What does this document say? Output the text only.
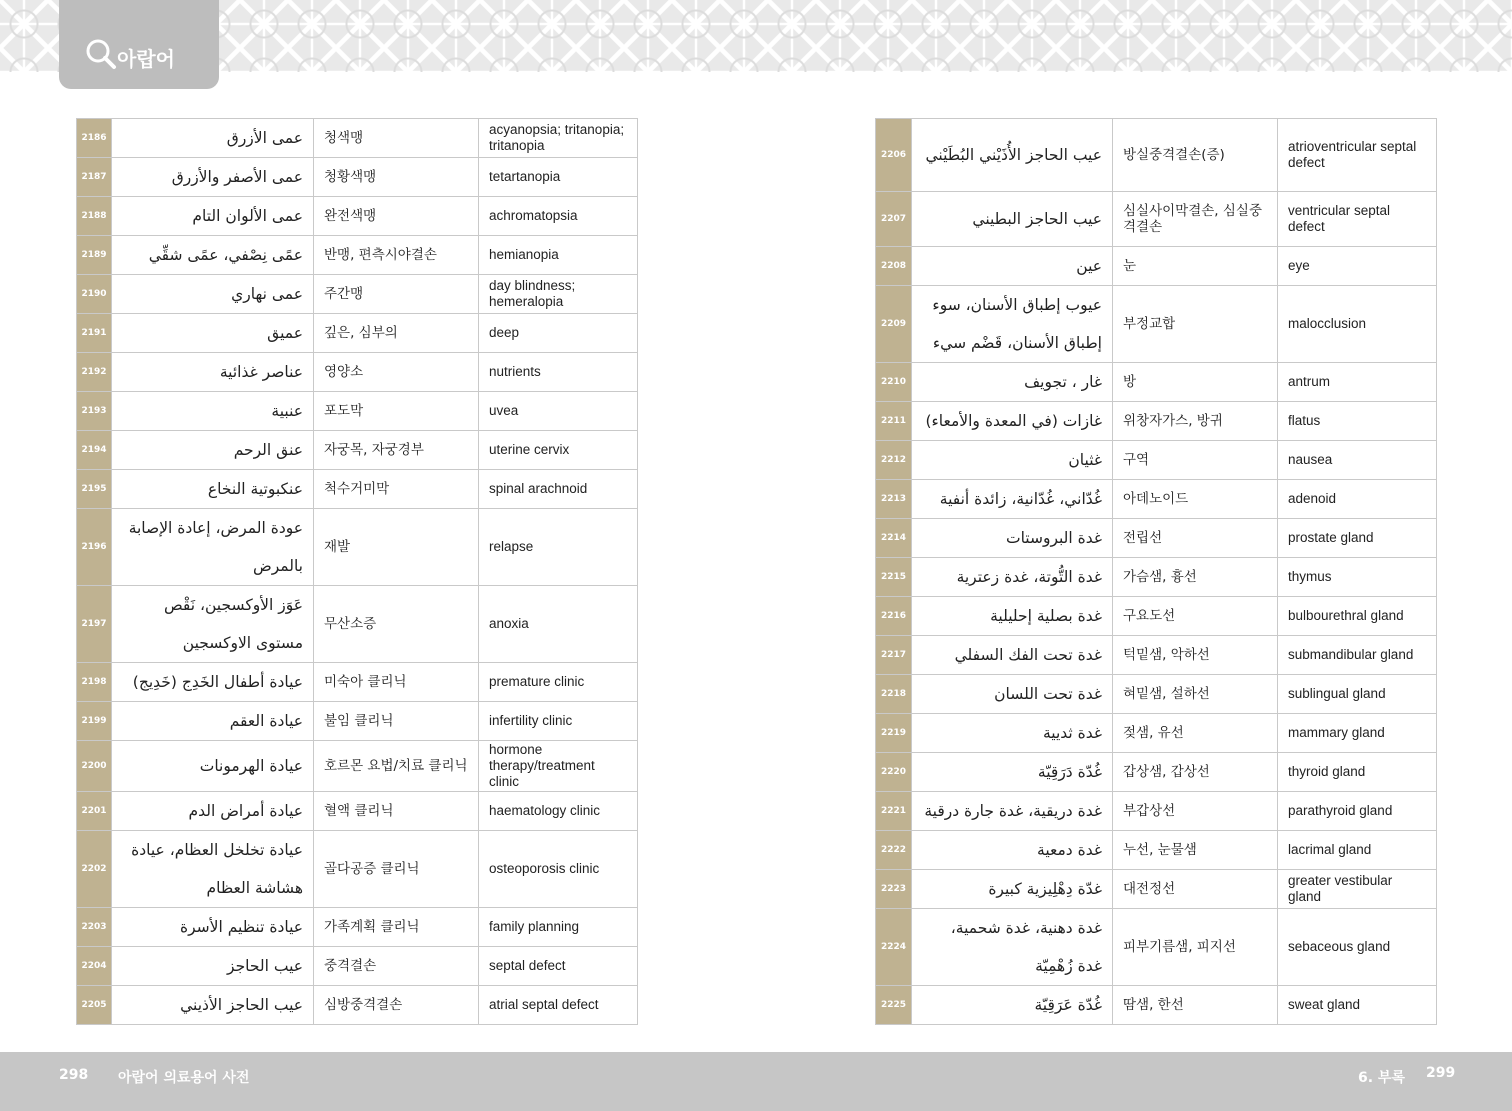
아랍어
2186	عمى الأزرق	청색맹	acyanopsia; tritanopia; tritanopia
2187	عمى الأصفر والأزرق	청황색맹	tetartanopia
2188	عمى الألوان التام	완전색맹	achromatopsia
2189	عمًى نِصْفي، عمًى شقِّي	반맹, 편측시야결손	hemianopia
2190	عمى نهاري	주간맹	day blindness; hemeralopia
2191	عميق	깊은, 심부의	deep
2192	عناصر غذائية	영양소	nutrients
2193	عنبية	포도막	uvea
2194	عنق الرحم	자궁목, 자궁경부	uterine cervix
2195	عنكبوتية النخاع	척수거미막	spinal arachnoid
2196	عودة المرض، إعادة الإصابة بالمرض	재발	relapse
2197	عَوَز الأوكسجين، نَقْص مستوى الاوكسجين	무산소증	anoxia
2198	عيادة أطفال الخَدِج (خَدِيج)	미숙아 클리닉	premature clinic
2199	عيادة العقم	불임 클리닉	infertility clinic
2200	عيادة الهرمونات	호르몬 요법/치료 클리닉	hormone therapy/treatment clinic
2201	عيادة أمراض الدم	혈액 클리닉	haematology clinic
2202	عيادة تخلخل العظام، عيادة هشاشة العظام	골다공증 클리닉	osteoporosis clinic
2203	عيادة تنظيم الأسرة	가족계획 클리닉	family planning
2204	عيب الحاجز	중격결손	septal defect
2205	عيب الحاجز الأذيني	심방중격결손	atrial septal defect
2206	عيب الحاجز الأُذَيْني البُطَيْني	방실중격결손(증)	atrioventricular septal defect
2207	عيب الحاجز البطيني	심실사이막결손, 심실중격결손	ventricular septal defect
2208	عين	눈	eye
2209	عيوب إطباق الأسنان، سوء إطباق الأسنان، قَضْم سيء	부정교합	malocclusion
2210	غار ، تجويف	방	antrum
2211	غازات (في المعدة والأمعاء)	위창자가스, 방귀	flatus
2212	غثيان	구역	nausea
2213	غُدّاني، غُدّانية، زائدة أنفية	아데노이드	adenoid
2214	غدة البروستات	전립선	prostate gland
2215	غدة التُّوتة، غدة زعترية	가슴샘, 흉선	thymus
2216	غدة بصلية إحليلية	구요도선	bulbourethral gland
2217	غدة تحت الفك السفلي	턱밑샘, 악하선	submandibular gland
2218	غدة تحت اللسان	혀밑샘, 설하선	sublingual gland
2219	غدة ثديية	젖샘, 유선	mammary gland
2220	غُدّة دَرَقِيّة	갑상샘, 갑상선	thyroid gland
2221	غدة دريقية، غدة جارة درقية	부갑상선	parathyroid gland
2222	غدة دمعية	누선, 눈물샘	lacrimal gland
2223	غدّة دِهْلِيزية كبيرة	대전정선	greater vestibular gland
2224	غدة دهنية، غدة شحمية، غدة زُهْمِيّة	피부기름샘, 피지선	sebaceous gland
2225	غُدّة عَرَقِيّة	땀샘, 한선	sweat gland
298 아랍어 의료용어 사전	6. 부록 299
